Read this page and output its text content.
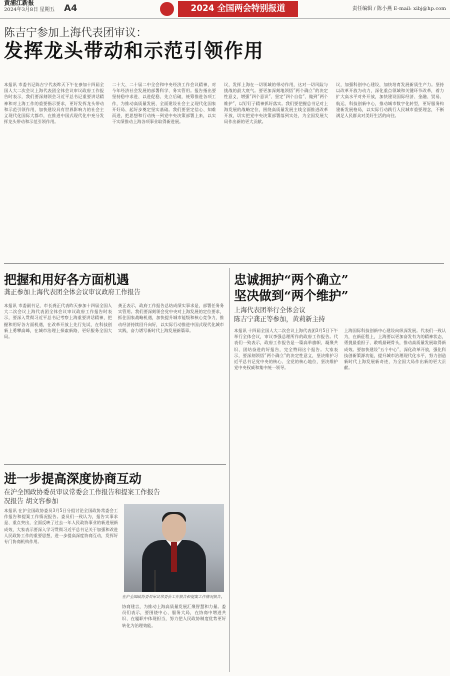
黄浦江新报
2024年3月8日 星期五 A4	2024 全国两会特别报道	责任编辑 / 陈小燕 E-mail: xibj@hp.com
陈吉宁参加上海代表团审议：
发挥龙头带动和示范引领作用
本报讯 市委书记陈吉宁代表昨天下午在参加十四届全国人大二次会议上海代表团全体会议审议政府工作报告时表示，我们要深刻领会习近平总书记重要讲话精神和对上海工作的重要指示要求，更好发挥龙头带动和示范引领作用，加快建设具有世界影响力的社会主义现代化国际大都市，在推进中国式现代化中充分发挥龙头带动和示范引领作用。
二十大、二十届二中全会和中央经济工作会议精神，对今年经济社会发展的部署科学、务实管用。报告指出要坚持稳中求进、以进促稳、先立后破，统筹推进各项工作，为推动高质量发展、全面建设社会主义现代化国家开好局、起好步奠定坚实基础。我们要坚定信心、知难而进，把思想和行动统一到党中央决策部署上来，以实干实绩推动上海各项事业取得新进展。
议，发挥上海在一切领域的带动作用，这对一切风险与挑战的最大底气。要更加深刻地领悟“两个确立”的决定性意义，增强“四个意识”、坚定“四个自信”、做到“两个维护”，以钉钉子精神抓好落实。我们要把握总书记对上海发展的战略定位，围绕高质量发展主线全面推进改革开放，切实把党中央决策部署落到实处，为全国发展大局作出新的更大贡献。
议，加强科创中心建设，加快培育发展新质生产力。坚持以改革开放为动力，深化重点领域和关键环节改革，着力扩大高水平对外开放，加快建设国际经济、金融、贸易、航运、科技创新中心，推动城市数字化转型，更好服务构建新发展格局，以实际行动践行人民城市重要理念，不断满足人民群众对美好生活的向往。
把握和用好各方面机遇
龚正参加上海代表团全体会议审议政府工作报告
本报讯 市委副书记、市长龚正代表昨天参加十四届全国人大二次会议上海代表团全体会议审议政府工作报告时表示，要深入贯彻习近平总书记考察上海重要讲话精神，把握和用好各方面机遇，在改革开放上先行先试，在科技创新上勇攀高峰，在城市治理上探索新路，更好服务全国大局。
龚正表示，政府工作报告总结成绩实事求是，部署任务务实管用。我们要深刻领会党中央对上海发展的定位要求，抓住国家战略机遇，加快提升城市能级和核心竞争力，推动经济持续回升向好，以实际行动推进中国式现代化城市实践，奋力谱写新时代上海发展新篇章。
忠诚拥护“两个确立”
坚决做到“两个维护”
上海代表团举行全体会议
陈吉宁龚正等参加，黄莉新主持
本报讯 十四届全国人大二次会议上海代表团3月5日下午举行全体会议，审议李强总理所作的政府工作报告。代表们一致表示，政府工作报告是一篇高举旗帜、凝聚共识、团结奋进的好报告，完全赞同这个报告。大家表示，要深刻领悟“两个确立”的决定性意义，坚决维护习近平总书记党中央的核心、全党的核心地位，坚决维护党中央权威和集中统一领导。
上海国际科技创新中心建设向纵深发展。代表们一致认为，在新征程上，上海要以更加奋发有为的精神状态，勇挑最重担子、敢啃最硬骨头，推动高质量发展取得新成效。要加快建设“五个中心”，深化改革开放，强化科技创新策源功能，提升城市治理现代化水平，努力创造新时代上海发展新奇迹，为全国大局作出新的更大贡献。
进一步提高深度协商互动
在沪全国政协委员审议常委会工作报告和提案工作报告
况报告 胡文容参加
本报讯 在沪全国政协委员3月5日分组讨论全国政协常委会工作报告和提案工作情况报告。委员们一致认为，报告实事求是、重点突出，全面反映了过去一年人民政协事业的新进展新成效，大家表示要深入学习贯彻习近平总书记关于加强和改进人民政协工作的重要思想，进一步提高深度协商互动，发挥好专门协商机构作用。
在沪全国政协委员审议常委会工作报告和提案工作情况报告。
协商建言，为推动上海高质量发展汇聚智慧和力量。委员们表示，要围绕中心、服务大局，在协商中增进共识、在履职中体现担当，努力把人民政协制度优势更好转化为治理效能。
